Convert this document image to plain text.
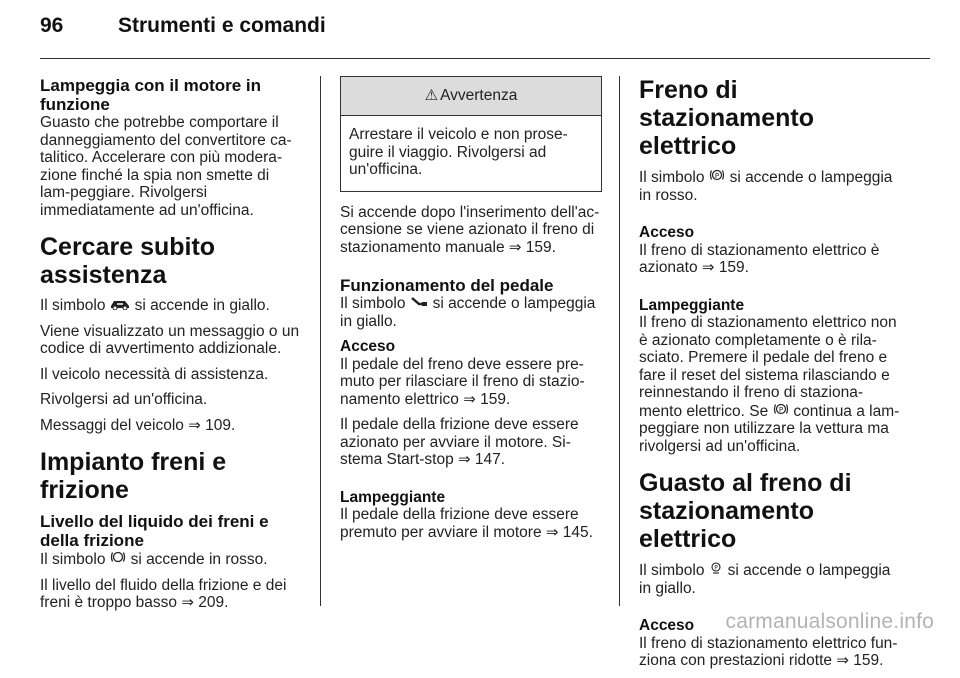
96	Strumenti e comandi
Lampeggia con il motore in funzione

Guasto che potrebbe comportare il danneggiamento del convertitore ca-talitico. Accelerare con più modera-zione finché la spia non smette di lam-peggiare. Rivolgersi immediatamente ad un'officina.

Cercare subito assistenza

Il simbolo si accende in giallo.

Viene visualizzato un messaggio o un codice di avvertimento addizionale.

Il veicolo necessità di assistenza.

Rivolgersi ad un'officina.

Messaggi del veicolo ⇒ 109.

Impianto freni e frizione
Livello del liquido dei freni e della frizione

Il simbolo si accende in rosso.

Il livello del fluido della frizione e dei freni è troppo basso ⇒ 209.

⚠ Avvertenza
Arrestare il veicolo e non prose-guire il viaggio. Rivolgersi ad un'officina.

Si accende dopo l'inserimento dell'ac-censione se viene azionato il freno di stazionamento manuale ⇒ 159.

Funzionamento del pedale

Il simbolo si accende o lampeggia in giallo.

Acceso

Il pedale del freno deve essere pre-muto per rilasciare il freno di stazio-namento elettrico ⇒ 159.

Il pedale della frizione deve essere azionato per avviare il motore. Si-stema Start-stop ⇒ 147.

Lampeggiante

Il pedale della frizione deve essere premuto per avviare il motore ⇒ 145.

Freno di stazionamento elettrico

Il simbolo P si accende o lampeggia in rosso.

Acceso

Il freno di stazionamento elettrico è azionato ⇒ 159.

Lampeggiante

Il freno di stazionamento elettrico non è azionato completamente o è rila-sciato. Premere il pedale del freno e fare il reset del sistema rilasciando e reinnestando il freno di staziona-mento elettrico. Se P continua a lam-peggiare non utilizzare la vettura ma rivolgersi ad un'officina.

Guasto al freno di stazionamento elettrico

Il simbolo P si accende o lampeggia in giallo.

Acceso

Il freno di stazionamento elettrico fun-ziona con prestazioni ridotte ⇒ 159.

carmanualsonline.info
